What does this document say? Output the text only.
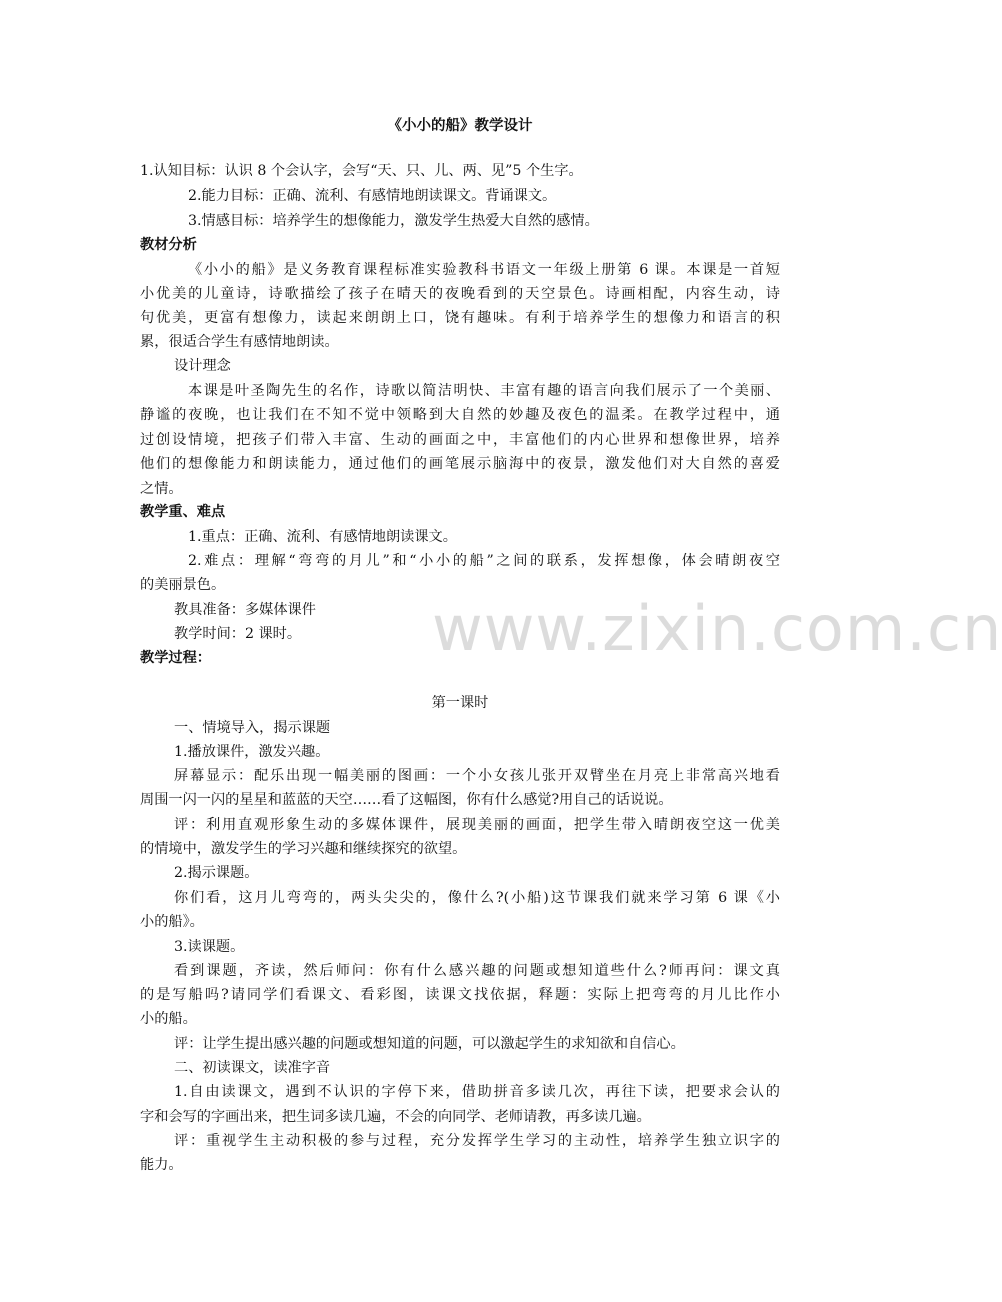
www.zixin.com.cn
《小小的船》教学设计
1.认知目标：认识 8 个会认字，会写“天、只、儿、两、见”5 个生字。
2.能力目标：正确、流利、有感情地朗读课文。背诵课文。
3.情感目标：培养学生的想像能力，激发学生热爱大自然的感情。
教材分析
《小小的船》是义务教育课程标准实验教科书语文一年级上册第 6 课。本课是一首短
小优美的儿童诗，诗歌描绘了孩子在晴天的夜晚看到的天空景色。诗画相配，内容生动，诗
句优美，更富有想像力，读起来朗朗上口，饶有趣味。有利于培养学生的想像力和语言的积
累，很适合学生有感情地朗读。
设计理念
本课是叶圣陶先生的名作，诗歌以简洁明快、丰富有趣的语言向我们展示了一个美丽、
静谧的夜晚，也让我们在不知不觉中领略到大自然的妙趣及夜色的温柔。在教学过程中，通
过创设情境，把孩子们带入丰富、生动的画面之中，丰富他们的内心世界和想像世界，培养
他们的想像能力和朗读能力，通过他们的画笔展示脑海中的夜景，激发他们对大自然的喜爱
之情。
教学重、难点
1.重点：正确、流利、有感情地朗读课文。
2.难点：理解“弯弯的月儿”和“小小的船”之间的联系，发挥想像，体会晴朗夜空
的美丽景色。
教具准备：多媒体课件
教学时间：2 课时。
教学过程：
第一课时
一、情境导入，揭示课题
1.播放课件，激发兴趣。
屏幕显示：配乐出现一幅美丽的图画：一个小女孩儿张开双臂坐在月亮上非常高兴地看
周围一闪一闪的星星和蓝蓝的天空……看了这幅图，你有什么感觉?用自己的话说说。
评：利用直观形象生动的多媒体课件，展现美丽的画面，把学生带入晴朗夜空这一优美
的情境中，激发学生的学习兴趣和继续探究的欲望。
2.揭示课题。
你们看，这月儿弯弯的，两头尖尖的，像什么?(小船)这节课我们就来学习第 6 课《小
小的船》。
3.读课题。
看到课题，齐读，然后师问：你有什么感兴趣的问题或想知道些什么?师再问：课文真
的是写船吗?请同学们看课文、看彩图，读课文找依据，释题：实际上把弯弯的月儿比作小
小的船。
评：让学生提出感兴趣的问题或想知道的问题，可以激起学生的求知欲和自信心。
二、初读课文，读准字音
1.自由读课文，遇到不认识的字停下来，借助拼音多读几次，再往下读，把要求会认的
字和会写的字画出来，把生词多读几遍，不会的向同学、老师请教，再多读几遍。
评：重视学生主动积极的参与过程，充分发挥学生学习的主动性，培养学生独立识字的
能力。
